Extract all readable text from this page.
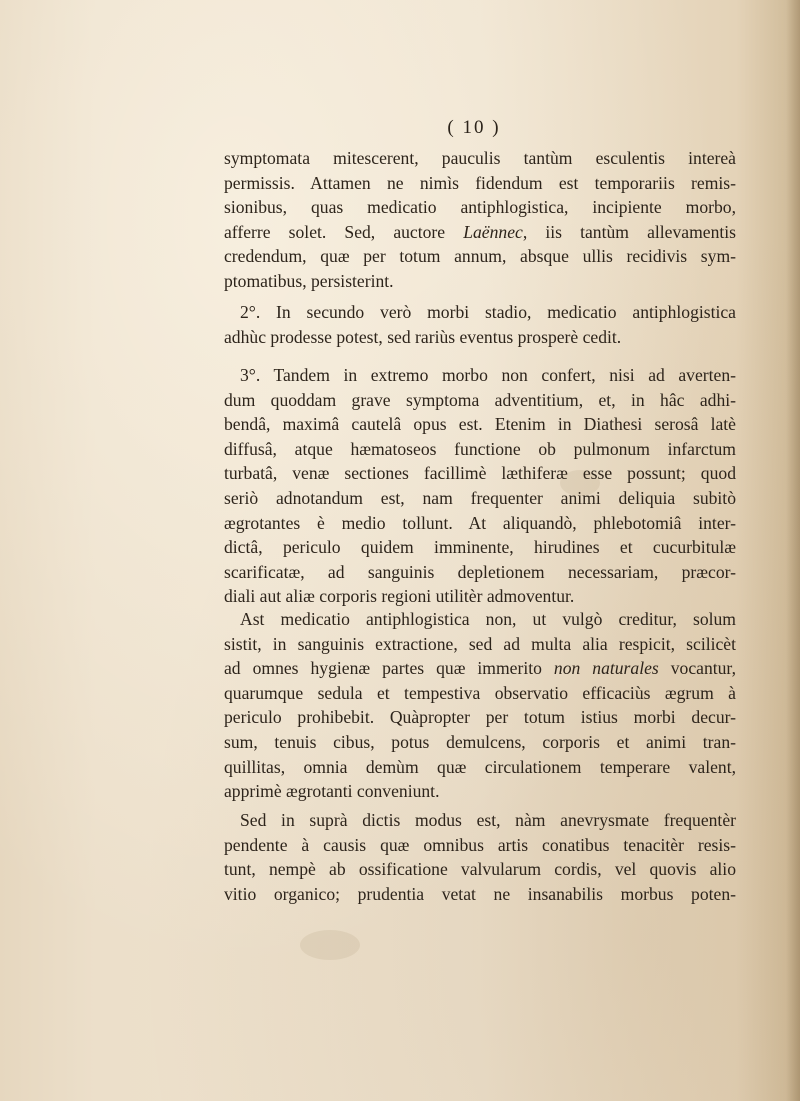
( 10 )
symptomata mitescerent, pauculis tantùm esculentis intereà
permissis. Attamen ne nimìs fidendum est temporariis remis-
sionibus, quas medicatio antiphlogistica, incipiente morbo,
afferre solet. Sed, auctore Laënnec, iis tantùm allevamentis
credendum, quæ per totum annum, absque ullis recidivis sym-
ptomatibus, persisterint.
2°. In secundo verò morbi stadio, medicatio antiphlogistica
adhùc prodesse potest, sed rariùs eventus prosperè cedit.
3°. Tandem in extremo morbo non confert, nisi ad averten-
dum quoddam grave symptoma adventitium, et, in hâc adhi-
bendâ, maximâ cautelâ opus est. Etenim in Diathesi serosâ latè
diffusâ, atque hæmatoseos functione ob pulmonum infarctum
turbatâ, venæ sectiones facillimè læthiferæ esse possunt; quod
seriò adnotandum est, nam frequenter animi deliquia subitò
ægrotantes è medio tollunt. At aliquandò, phlebotomiâ inter-
dictâ, periculo quidem imminente, hirudines et cucurbitulæ
scarificatæ, ad sanguinis depletionem necessariam, præcor-
diali aut aliæ corporis regioni utilitèr admoventur.
Ast medicatio antiphlogistica non, ut vulgò creditur, solum
sistit, in sanguinis extractione, sed ad multa alia respicit, scilicèt
ad omnes hygienæ partes quæ immerito non naturales vocantur,
quarumque sedula et tempestiva observatio efficaciùs ægrum à
periculo prohibebit. Quàpropter per totum istius morbi decur-
sum, tenuis cibus, potus demulcens, corporis et animi tran-
quillitas, omnia demùm quæ circulationem temperare valent,
apprimè ægrotanti conveniunt.
Sed in suprà dictis modus est, nàm anevrysmate frequentèr
pendente à causis quæ omnibus artis conatibus tenacitèr resis-
tunt, nempè ab ossificatione valvularum cordis, vel quovis alio
vitio organico; prudentia vetat ne insanabilis morbus poten-
